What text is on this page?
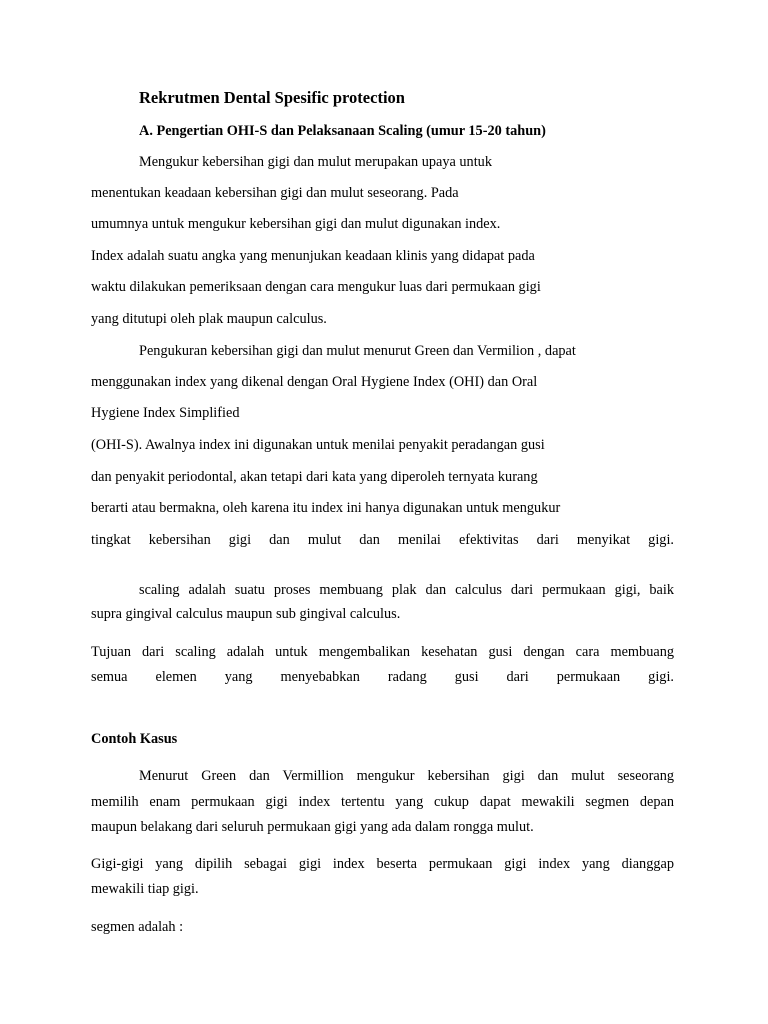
Rekrutmen Dental Spesific protection
A. Pengertian OHI-S dan Pelaksanaan Scaling (umur 15-20 tahun)
Mengukur kebersihan gigi dan mulut merupakan upaya untuk
menentukan keadaan kebersihan gigi dan mulut seseorang. Pada
umumnya untuk mengukur kebersihan gigi dan mulut digunakan index.
Index adalah suatu angka yang menunjukan keadaan klinis yang didapat pada
waktu dilakukan pemeriksaan dengan cara mengukur luas dari permukaan gigi
yang ditutupi oleh plak maupun calculus.
Pengukuran kebersihan gigi dan mulut menurut Green dan Vermilion , dapat
menggunakan index yang dikenal dengan Oral Hygiene Index (OHI) dan Oral
Hygiene Index Simplified
(OHI-S). Awalnya index ini digunakan untuk menilai penyakit peradangan gusi
dan penyakit periodontal, akan tetapi dari kata yang diperoleh ternyata kurang
berarti atau bermakna, oleh karena itu index ini hanya digunakan untuk mengukur
tingkat kebersihan gigi dan mulut dan menilai efektivitas dari menyikat gigi.
scaling adalah suatu proses membuang plak dan calculus dari permukaan gigi, baik
supra gingival calculus maupun sub gingival calculus.
Tujuan dari scaling adalah untuk mengembalikan kesehatan gusi dengan cara membuang
semua elemen yang menyebabkan radang gusi dari permukaan gigi.
Contoh Kasus
Menurut Green dan Vermillion mengukur kebersihan gigi dan mulut seseorang
memilih enam permukaan gigi index tertentu yang cukup dapat mewakili segmen depan
maupun belakang dari seluruh permukaan gigi yang ada dalam rongga mulut.
Gigi-gigi yang dipilih sebagai gigi index beserta permukaan gigi index yang dianggap
mewakili tiap gigi.
segmen adalah :
